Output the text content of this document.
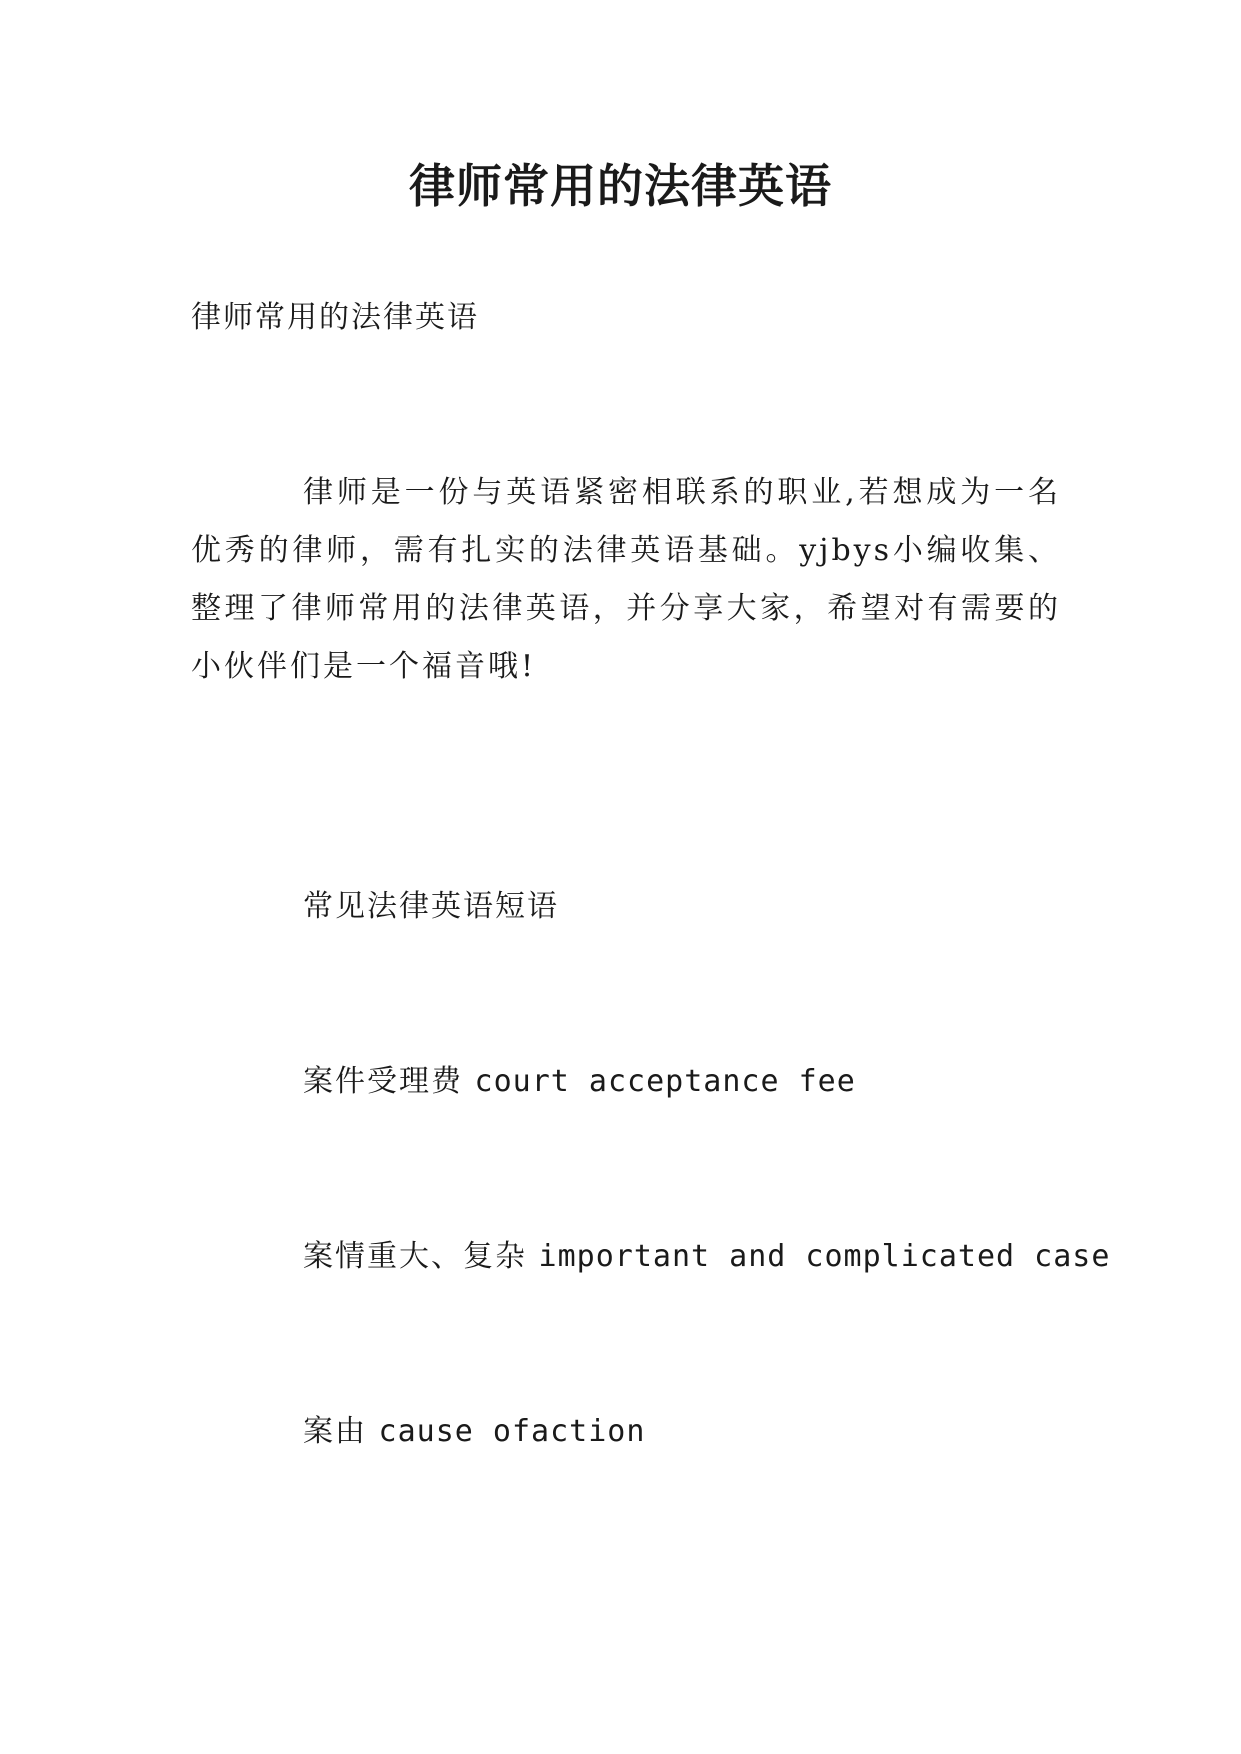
律师常用的法律英语

律师常用的法律英语

律师是一份与英语紧密相联系的职业,若想成为一名优秀的律师，需有扎实的法律英语基础。yjbys小编收集、整理了律师常用的法律英语，并分享大家，希望对有需要的小伙伴们是一个福音哦!

常见法律英语短语

案件受理费 court acceptance fee

案情重大、复杂 important and complicated case

案由 cause ofaction
